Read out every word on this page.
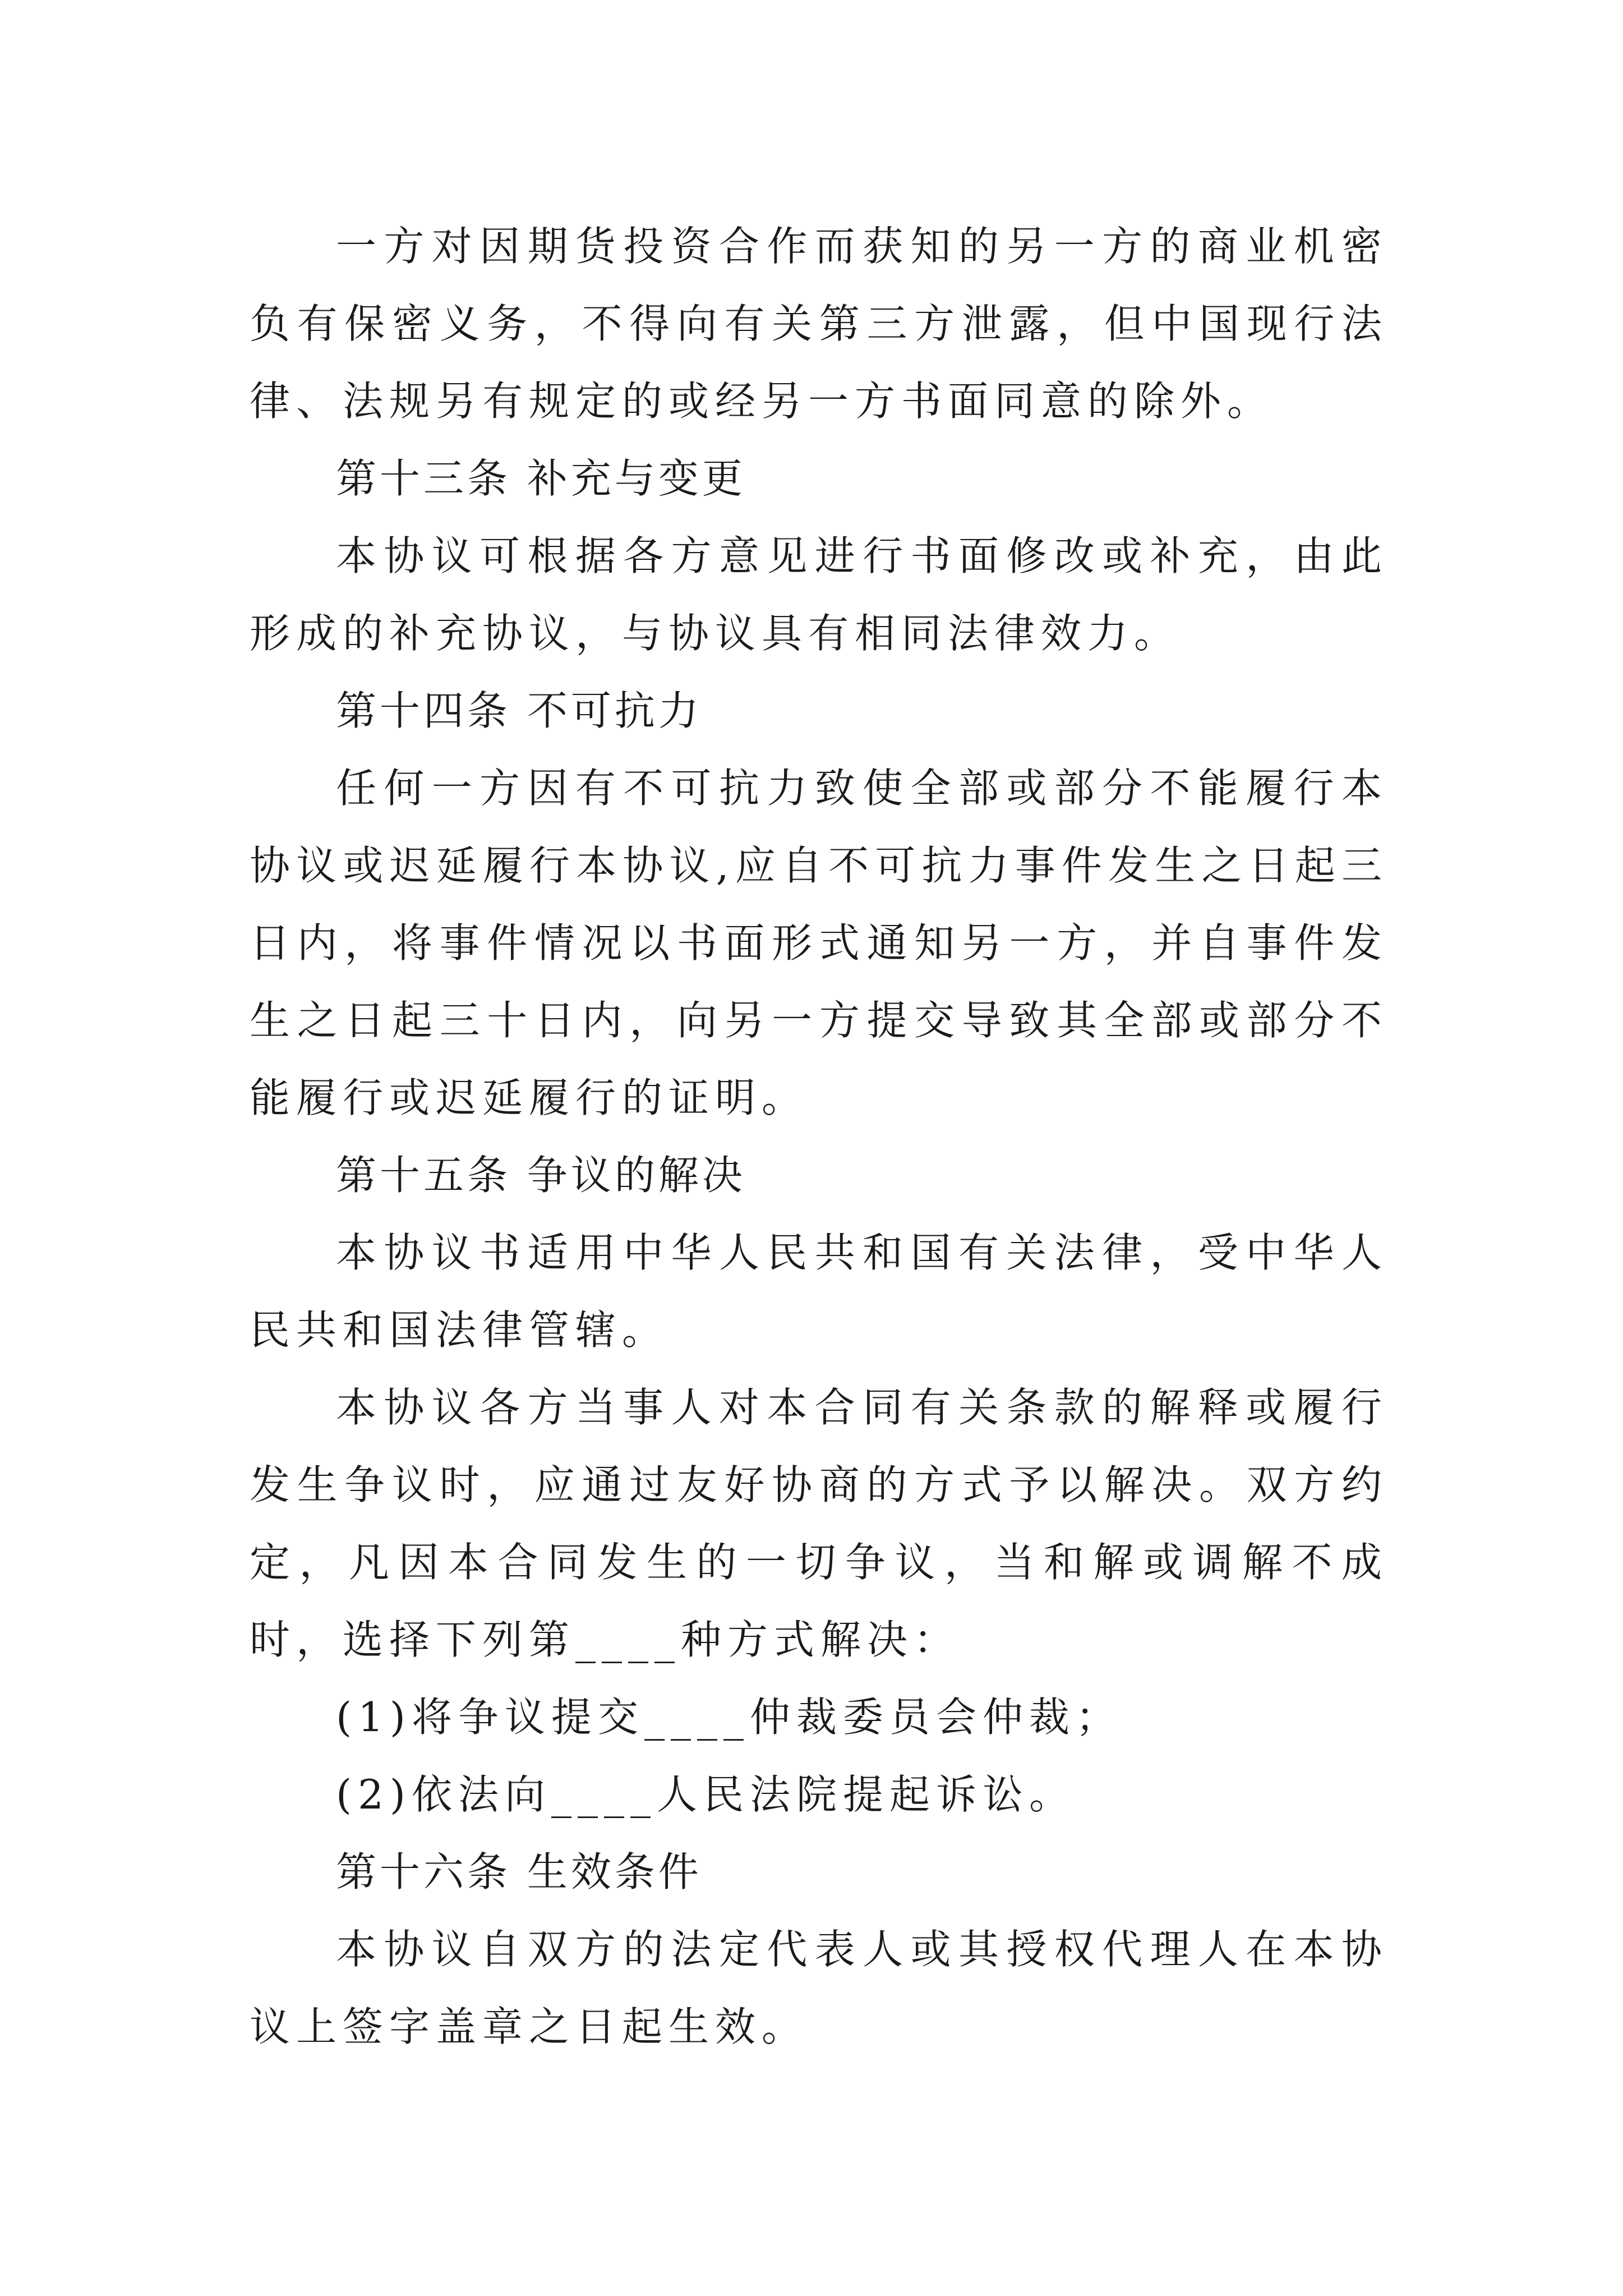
一方对因期货投资合作而获知的另一方的商业机密负有保密义务，不得向有关第三方泄露，但中国现行法律、法规另有规定的或经另一方书面同意的除外。

第十三条 补充与变更

本协议可根据各方意见进行书面修改或补充，由此形成的补充协议，与协议具有相同法律效力。

第十四条 不可抗力

任何一方因有不可抗力致使全部或部分不能履行本协议或迟延履行本协议,应自不可抗力事件发生之日起三日内，将事件情况以书面形式通知另一方，并自事件发生之日起三十日内，向另一方提交导致其全部或部分不能履行或迟延履行的证明。

第十五条 争议的解决

本协议书适用中华人民共和国有关法律，受中华人民共和国法律管辖。

本协议各方当事人对本合同有关条款的解释或履行发生争议时，应通过友好协商的方式予以解决。双方约定，凡因本合同发生的一切争议，当和解或调解不成时，选择下列第____种方式解决：

(1)将争议提交____仲裁委员会仲裁；

(2)依法向____人民法院提起诉讼。

第十六条 生效条件

本协议自双方的法定代表人或其授权代理人在本协议上签字盖章之日起生效。
